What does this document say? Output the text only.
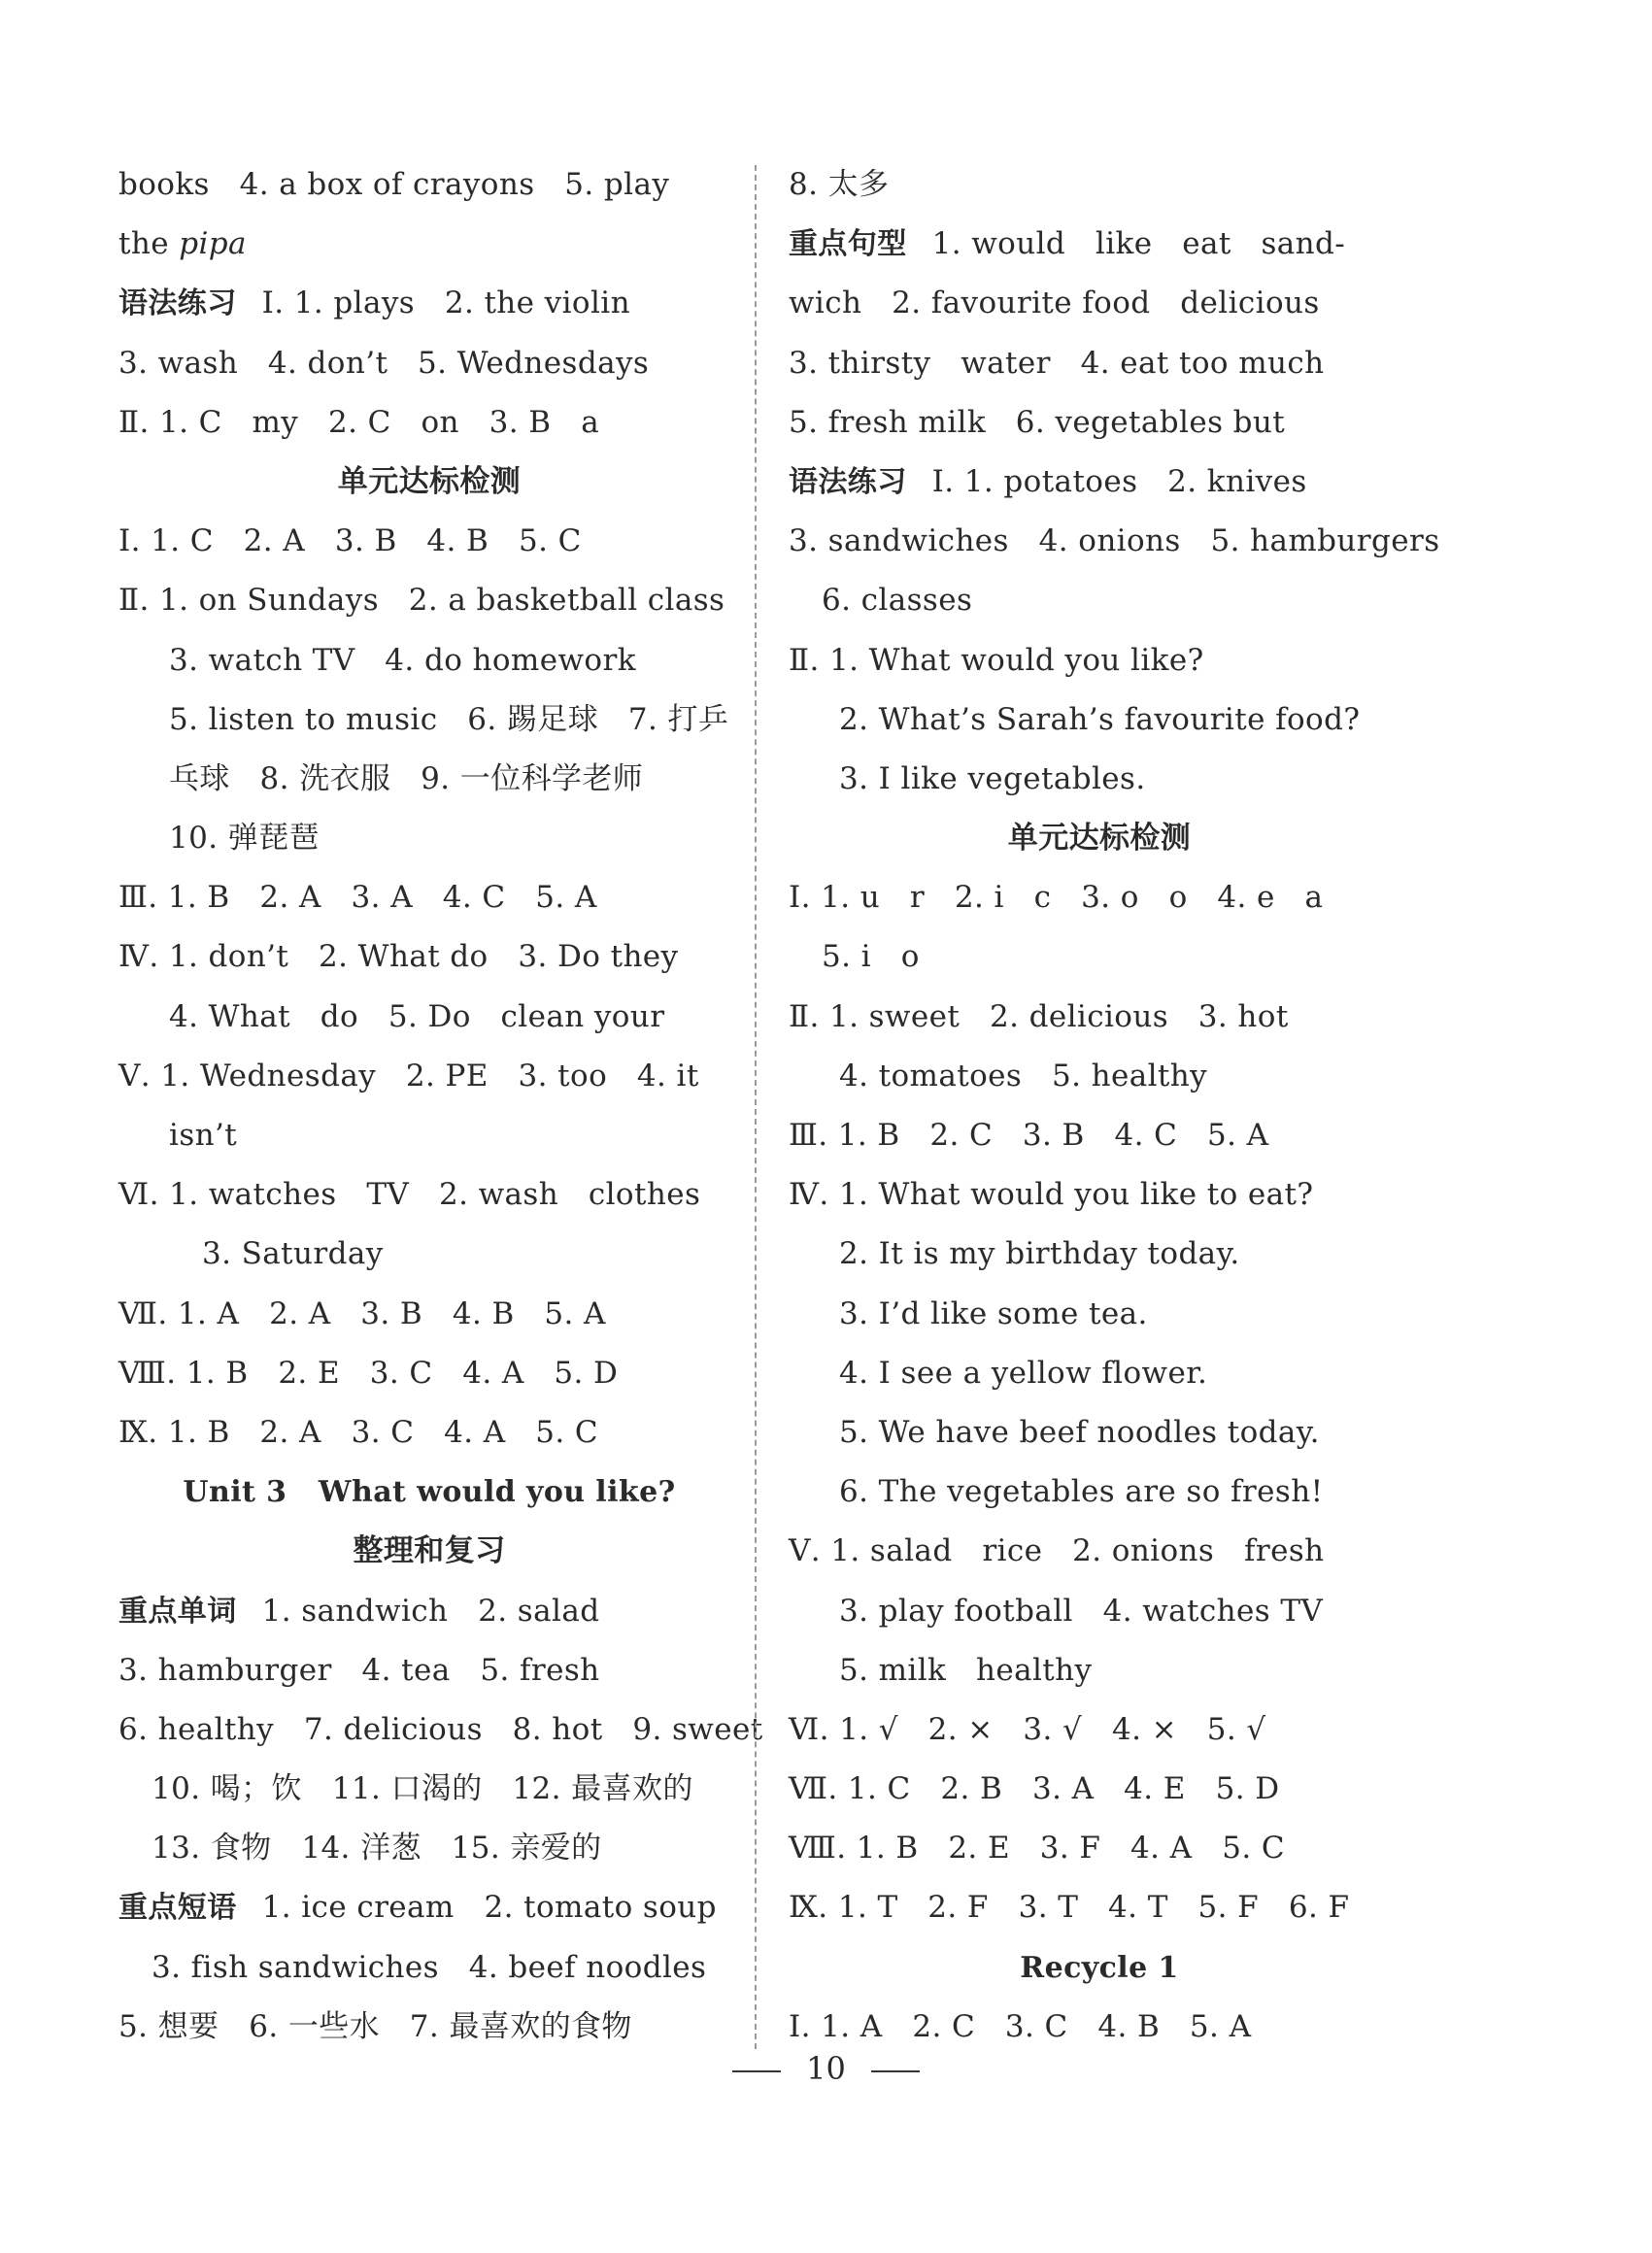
books   4. a box of crayons   5. play
the pipa
语法练习 Ⅰ. 1. plays   2. the violin
3. wash   4. don’t   5. Wednesdays
Ⅱ. 1. C   my   2. C   on   3. B   a
单元达标检测
Ⅰ. 1. C   2. A   3. B   4. B   5. C
Ⅱ. 1. on Sundays   2. a basketball class
3. watch TV   4. do homework
5. listen to music   6. 踢足球   7. 打乒
乓球   8. 洗衣服   9. 一位科学老师
10. 弹琵琶
Ⅲ. 1. B   2. A   3. A   4. C   5. A
Ⅳ. 1. don’t   2. What do   3. Do they
4. What   do   5. Do   clean your
Ⅴ. 1. Wednesday   2. PE   3. too   4. it
isn’t
Ⅵ. 1. watches   TV   2. wash   clothes
3. Saturday
Ⅶ. 1. A   2. A   3. B   4. B   5. A
Ⅷ. 1. B   2. E   3. C   4. A   5. D
Ⅸ. 1. B   2. A   3. C   4. A   5. C
Unit 3   What would you like?
整理和复习
重点单词 1. sandwich   2. salad
3. hamburger   4. tea   5. fresh
6. healthy   7. delicious   8. hot   9. sweet
10. 喝；饮   11. 口渴的   12. 最喜欢的
13. 食物   14. 洋葱   15. 亲爱的
重点短语 1. ice cream   2. tomato soup
3. fish sandwiches   4. beef noodles
5. 想要   6. 一些水   7. 最喜欢的食物
8. 太多
重点句型 1. would   like   eat   sand-
wich   2. favourite food   delicious
3. thirsty   water   4. eat too much
5. fresh milk   6. vegetables but
语法练习 Ⅰ. 1. potatoes   2. knives
3. sandwiches   4. onions   5. hamburgers
6. classes
Ⅱ. 1. What would you like?
2. What’s Sarah’s favourite food?
3. I like vegetables.
单元达标检测
Ⅰ. 1. u   r   2. i   c   3. o   o   4. e   a
5. i   o
Ⅱ. 1. sweet   2. delicious   3. hot
4. tomatoes   5. healthy
Ⅲ. 1. B   2. C   3. B   4. C   5. A
Ⅳ. 1. What would you like to eat?
2. It is my birthday today.
3. I’d like some tea.
4. I see a yellow flower.
5. We have beef noodles today.
6. The vegetables are so fresh!
Ⅴ. 1. salad   rice   2. onions   fresh
3. play football   4. watches TV
5. milk   healthy
Ⅵ. 1. √   2. ×   3. √   4. ×   5. √
Ⅶ. 1. C   2. B   3. A   4. E   5. D
Ⅷ. 1. B   2. E   3. F   4. A   5. C
Ⅸ. 1. T   2. F   3. T   4. T   5. F   6. F
Recycle 1
Ⅰ. 1. A   2. C   3. C   4. B   5. A
10
